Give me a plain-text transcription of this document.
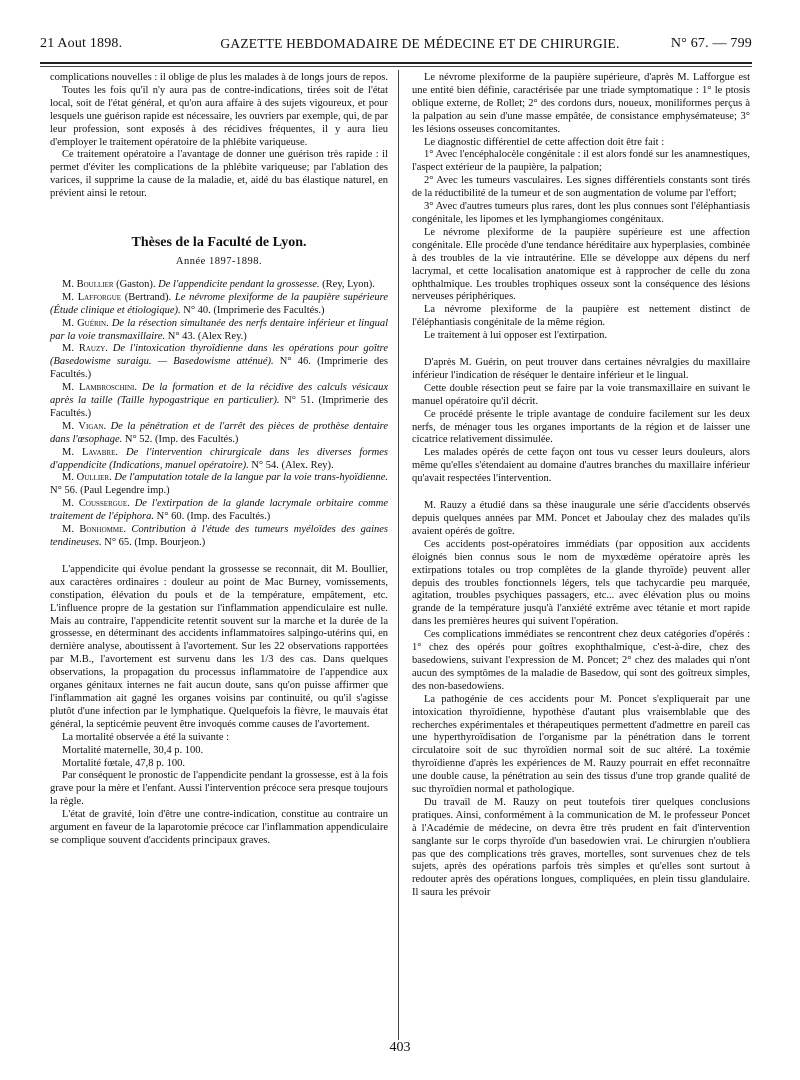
21 Aout 1898.	GAZETTE HEBDOMADAIRE DE MÉDECINE ET DE CHIRURGIE.	N° 67. — 799

complications nouvelles : il oblige de plus les malades à de longs jours de repos.

Toutes les fois qu'il n'y aura pas de contre-indications, tirées soit de l'état local, soit de l'état général, et qu'on aura affaire à des sujets vigoureux, et pour lesquels une guérison rapide est nécessaire, les ouvriers par exemple, qui, de par leur profession, sont exposés à des récidives fréquentes, il y aura lieu d'employer le traitement opératoire de la phlébite variqueuse.

Ce traitement opératoire a l'avantage de donner une guérison très rapide : il permet d'éviter les complications de la phlébite variqueuse; par l'ablation des varices, il supprime la cause de la maladie, et, aidé du bas élastique naturel, en prévient ainsi le retour.

Thèses de la Faculté de Lyon.
Année 1897-1898.

M. Boullier (Gaston). De l'appendicite pendant la grossesse. (Rey, Lyon).

M. Lafforgue (Bertrand). Le névrome plexiforme de la paupière supérieure (Étude clinique et étiologique). N° 40. (Imprimerie des Facultés.)

M. Guérin. De la résection simultanée des nerfs dentaire inférieur et lingual par la voie transmaxillaire. N° 43. (Alex Rey.)

M. Rauzy. De l'intoxication thyroïdienne dans les opérations pour goître (Basedowisme suraigu. — Basedowisme atténué). N° 46. (Imprimerie des Facultés.)

M. Lambroschini. De la formation et de la récidive des calculs vésicaux après la taille (Taille hypogastrique en particulier). N° 51. (Imprimerie des Facultés.)

M. Vigan. De la pénétration et de l'arrêt des pièces de prothèse dentaire dans l'œsophage. N° 52. (Imp. des Facultés.)

M. Lavabre. De l'intervention chirurgicale dans les diverses formes d'appendicite (Indications, manuel opératoire). N° 54. (Alex. Rey).

M. Oullier. De l'amputation totale de la langue par la voie trans-hyoïdienne. N° 56. (Paul Legendre imp.)

M. Coussergue. De l'extirpation de la glande lacrymale orbitaire comme traitement de l'épiphora. N° 60. (Imp. des Facultés.)

M. Bonhomme. Contribution à l'étude des tumeurs myéloïdes des gaines tendineuses. N° 65. (Imp. Bourjeon.)

L'appendicite qui évolue pendant la grossesse se reconnait, dit M. Boullier, aux caractères ordinaires : douleur au point de Mac Burney, vomissements, constipation, élévation du pouls et de la température, empâtement, etc. L'influence propre de la gestation sur l'inflammation appendiculaire est nulle. Mais au contraire, l'appendicite retentit souvent sur la marche et la durée de la grossesse, en déterminant des accidents inflammatoires salpingo-utérins qui, en dernière analyse, aboutissent à l'avortement. Sur les 22 observations rapportées par M.B., l'avortement est survenu dans les 1/3 des cas. Dans quelques observations, la propagation du processus inflammatoire de l'appendice aux organes génitaux internes ne fait aucun doute, sans qu'on puisse affirmer que l'inflammation ait gagné les organes voisins par continuité, ou qu'il s'agisse plutôt d'une infection par le lymphatique. Quelquefois la fièvre, le mauvais état général, la septicémie peuvent être invoqués comme causes de l'avortement.

La mortalité observée a été la suivante :

Mortalité maternelle, 30,4 p. 100.

Mortalité fœtale, 47,8 p. 100.

Par conséquent le pronostic de l'appendicite pendant la grossesse, est à la fois grave pour la mère et l'enfant. Aussi l'intervention précoce sera presque toujours la règle.

L'état de gravité, loin d'être une contre-indication, constitue au contraire un argument en faveur de la laparotomie précoce car l'inflammation appendiculaire se complique souvent d'accidents principaux graves.

Le névrome plexiforme de la paupière supérieure, d'après M. Lafforgue est une entité bien définie, caractérisée par une triade symptomatique : 1° le ptosis oblique externe, de Rollet; 2° des cordons durs, noueux, moniliformes perçus à la palpation au sein d'une masse empâtée, de consistance emphysémateuse; 3° les lésions osseuses concomitantes.

Le diagnostic différentiel de cette affection doit être fait :

1° Avec l'encéphalocèle congénitale : il est alors fondé sur les anamnestiques, l'aspect extérieur de la paupière, la palpation;

2° Avec les tumeurs vasculaires. Les signes différentiels constants sont tirés de la réductibilité de la tumeur et de son augmentation de volume par l'effort;

3° Avec d'autres tumeurs plus rares, dont les plus connues sont l'éléphantiasis congénitale, les lipomes et les lymphangiomes congénitaux.

Le névrome plexiforme de la paupière supérieure est une affection congénitale. Elle procède d'une tendance héréditaire aux hyperplasies, combinée à des troubles de la vie intrautérine. Elle se développe aux dépens du nerf lacrymal, et cette localisation anatomique est à rapprocher de celle du zona ophthalmique. Les troubles trophiques osseux sont la conséquence des lésions nerveuses périphériques.

La névrome plexiforme de la paupière est nettement distinct de l'éléphantiasis congénitale de la même région.

Le traitement à lui opposer est l'extirpation.

D'après M. Guérin, on peut trouver dans certaines névralgies du maxillaire inférieur l'indication de réséquer le dentaire inférieur et le lingual.

Cette double résection peut se faire par la voie transmaxillaire en suivant le manuel opératoire qu'il décrit.

Ce procédé présente le triple avantage de conduire facilement sur les deux nerfs, de ménager tous les organes importants de la région et de laisser une cicatrice relativement dissimulée.

Les malades opérés de cette façon ont tous vu cesser leurs douleurs, alors même qu'elles s'étendaient au domaine d'autres branches du maxillaire inférieur qu'avait respectées l'intervention.

M. Rauzy a étudié dans sa thèse inaugurale une série d'accidents observés depuis quelques années par MM. Poncet et Jaboulay chez des malades qu'ils avaient opérés de goître.

Ces accidents post-opératoires immédiats (par opposition aux accidents éloignés bien connus sous le nom de myxœdème opératoire après les extirpations totales ou trop complètes de la glande thyroïde) peuvent aller depuis des troubles fonctionnels légers, tels que tachycardie peu marquée, agitation, troubles psychiques passagers, etc... avec élévation plus ou moins grande de la température jusqu'à l'anxiété extrême avec tétanie et mort rapide dans les premières heures qui suivent l'opération.

Ces complications immédiates se rencontrent chez deux catégories d'opérés : 1° chez des opérés pour goîtres exophthalmique, c'est-à-dire, chez des basedowiens, suivant l'expression de M. Poncet; 2° chez des malades qui n'ont aucun des symptômes de la maladie de Basedow, qui sont des goîtreux simples, des non-basedowiens.

La pathogénie de ces accidents pour M. Poncet s'expliquerait par une intoxication thyroïdienne, hypothèse d'autant plus vraisemblable que des recherches expérimentales et thérapeutiques permettent d'admettre en pareil cas une hyperthyroïdisation de l'organisme par la pénétration dans le torrent circulatoire soit de suc thyroïdien normal soit de suc altéré. La toxémie thyroïdienne d'après les expériences de M. Rauzy pourrait en effet reconnaître une double cause, la pénétration au sein des tissus d'une trop grande qualité de suc thyroïdien normal et pathologique.

Du travail de M. Rauzy on peut toutefois tirer quelques conclusions pratiques. Ainsi, conformément à la communication de M. le professeur Poncet à l'Académie de médecine, on devra être très prudent en fait d'intervention sanglante sur le corps thyroïde d'un basedowien vrai. Le chirurgien n'oubliera pas que des complications très graves, mortelles, sont survenues chez de tels sujets, après des opérations parfois très simples et qu'elles sont surtout à redouter après des opérations longues, compliquées, en plein tissu glandulaire. Il saura les prévoir

403
